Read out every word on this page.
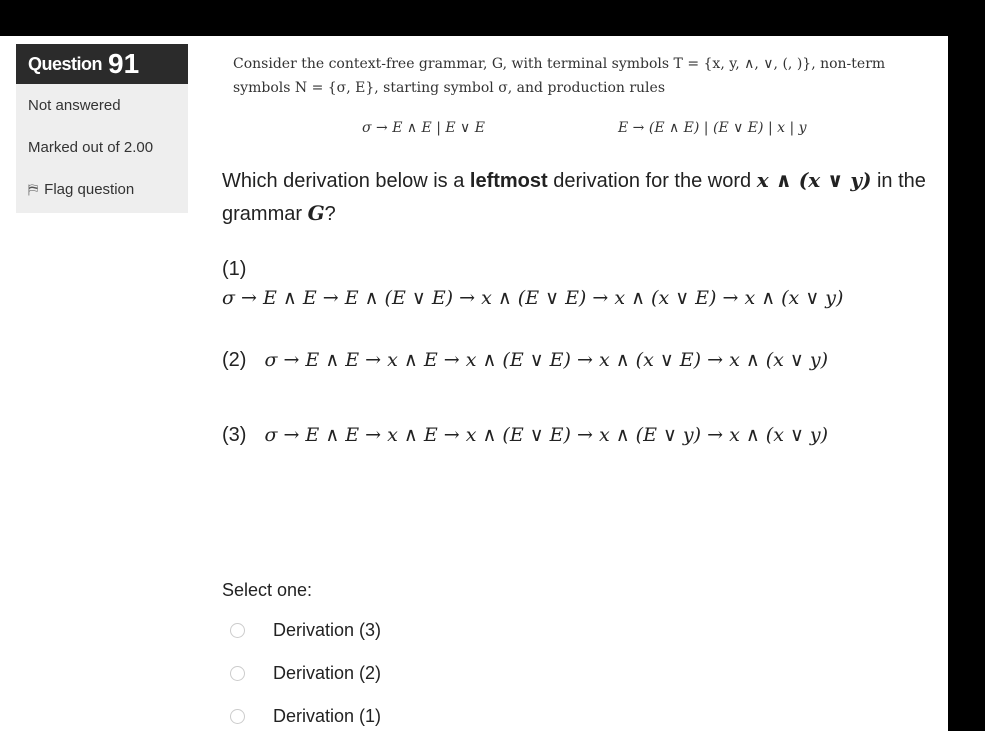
Question 91
Not answered
Marked out of 2.00
⛿ Flag question
Consider the context-free grammar, G, with terminal symbols T = {x, y, ∧, ∨, (, )}, non-term
symbols N = {σ, E}, starting symbol σ, and production rules
σ → E ∧ E | E ∨ E	E → (E ∧ E) | (E ∨ E) | x | y
Which derivation below is a leftmost derivation for the word x ∧ (x ∨ y) in the grammar G?
(1)
σ → E ∧ E → E ∧ (E ∨ E) → x ∧ (E ∨ E) → x ∧ (x ∨ E) → x ∧ (x ∨ y)
(2) σ → E ∧ E → x ∧ E → x ∧ (E ∨ E) → x ∧ (x ∨ E) → x ∧ (x ∨ y)
(3) σ → E ∧ E → x ∧ E → x ∧ (E ∨ E) → x ∧ (E ∨ y) → x ∧ (x ∨ y)
Select one:
Derivation (3)
Derivation (2)
Derivation (1)
